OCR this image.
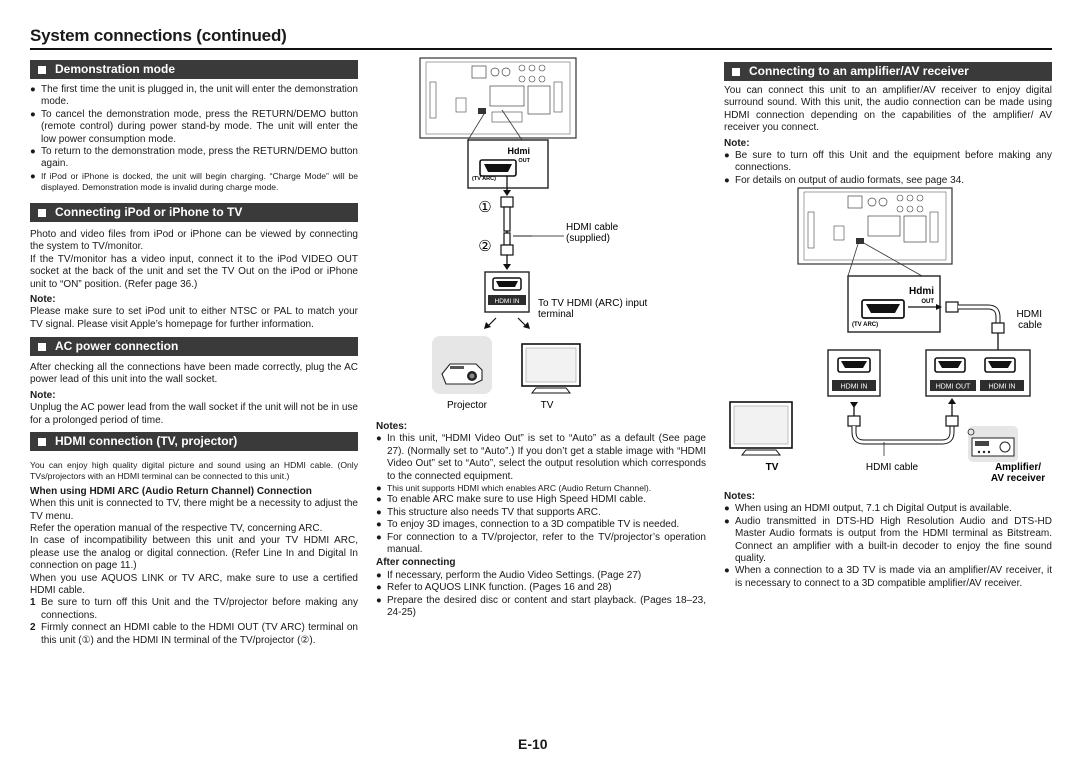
System connections (continued)
Demonstration mode

● The first time the unit is plugged in, the unit will enter the demonstration mode.

● To cancel the demonstration mode, press the RETURN/DEMO button (remote control) during power stand-by mode. The unit will enter the low power consumption mode.

● To return to the demonstration mode, press the RETURN/DEMO button again.

● If iPod or iPhone is docked, the unit will begin charging. “Charge Mode” will be displayed. Demonstration mode is invalid during charge mode.

Connecting iPod or iPhone to TV

Photo and video files from iPod or iPhone can be viewed by connecting the system to TV/monitor.

If the TV/monitor has a video input, connect it to the iPod VIDEO OUT socket at the back of the unit and set the TV Out on the iPod or iPhone unit to “ON” position. (Refer page 36.)

Note:

Please make sure to set iPod unit to either NTSC or PAL to match your TV signal. Please visit Apple’s homepage for further information.

AC power connection

After checking all the connections have been made correctly, plug the AC power lead of this unit into the wall socket.

Note:

Unplug the AC power lead from the wall socket if the unit will not be in use for a prolonged period of time.

HDMI connection (TV, projector)

You can enjoy high quality digital picture and sound using an HDMI cable. (Only TVs/projectors with an HDMI terminal can be connected to this unit.)

When using HDMI ARC (Audio Return Channel) Connection

When this unit is connected to TV, there might be a necessity to adjust the TV menu.

Refer the operation manual of the respective TV, concerning ARC.

In case of incompatibility between this unit and your TV HDMI ARC, please use the analog or digital connection. (Refer Line In and Digital In connection on page 11.)

When you use AQUOS LINK or TV ARC, make sure to use a certified HDMI cable.

1 Be sure to turn off this Unit and the TV/projector before making any connections.

2 Firmly connect an HDMI cable to the HDMI OUT (TV ARC) terminal on this unit (①) and the HDMI IN terminal of the TV/projector (②).

Hdmi
OUT
(TV ARC)
①
②
HDMI cable
(supplied)
HDMI IN To TV HDMI (ARC) input
terminal
Projector	TV

Notes:

● In this unit, “HDMI Video Out” is set to “Auto” as a default (See page 27). (Normally set to “Auto”.) If you don’t get a stable image with “HDMI Video Out” set to “Auto”, select the output resolution which corresponds to the connected equipment.

● This unit supports HDMI which enables ARC (Audio Return Channel).

● To enable ARC make sure to use High Speed HDMI cable.

● This structure also needs TV that supports ARC.

● To enjoy 3D images, connection to a 3D compatible TV is needed.

● For connection to a TV/projector, refer to the TV/projector’s operation manual.

After connecting

● If necessary, perform the Audio Video Settings. (Page 27)

● Refer to AQUOS LINK function. (Pages 16 and 28)

● Prepare the desired disc or content and start playback. (Pages 18–23, 24-25)

Connecting to an amplifier/AV receiver

You can connect this unit to an amplifier/AV receiver to enjoy digital surround sound. With this unit, the audio connection can be made using HDMI connection depending on the capabilities of the amplifier/ AV receiver you connect.

Note:

● Be sure to turn off this Unit and the equipment before making any connections.

● For details on output of audio formats, see page 34.

Hdmi
OUT
(TV ARC)
HDMI
cable
HDMI IN	HDMI OUT	HDMI IN
TV	HDMI cable	Amplifier/
AV receiver

Notes:

● When using an HDMI output, 7.1 ch Digital Output is available.

● Audio transmitted in DTS-HD High Resolution Audio and DTS-HD Master Audio formats is output from the HDMI terminal as Bitstream. Connect an amplifier with a built-in decoder to enjoy the fine sound quality.

● When a connection to a 3D TV is made via an amplifier/AV receiver, it is necessary to connect to a 3D compatible amplifier/AV receiver.

E-10
